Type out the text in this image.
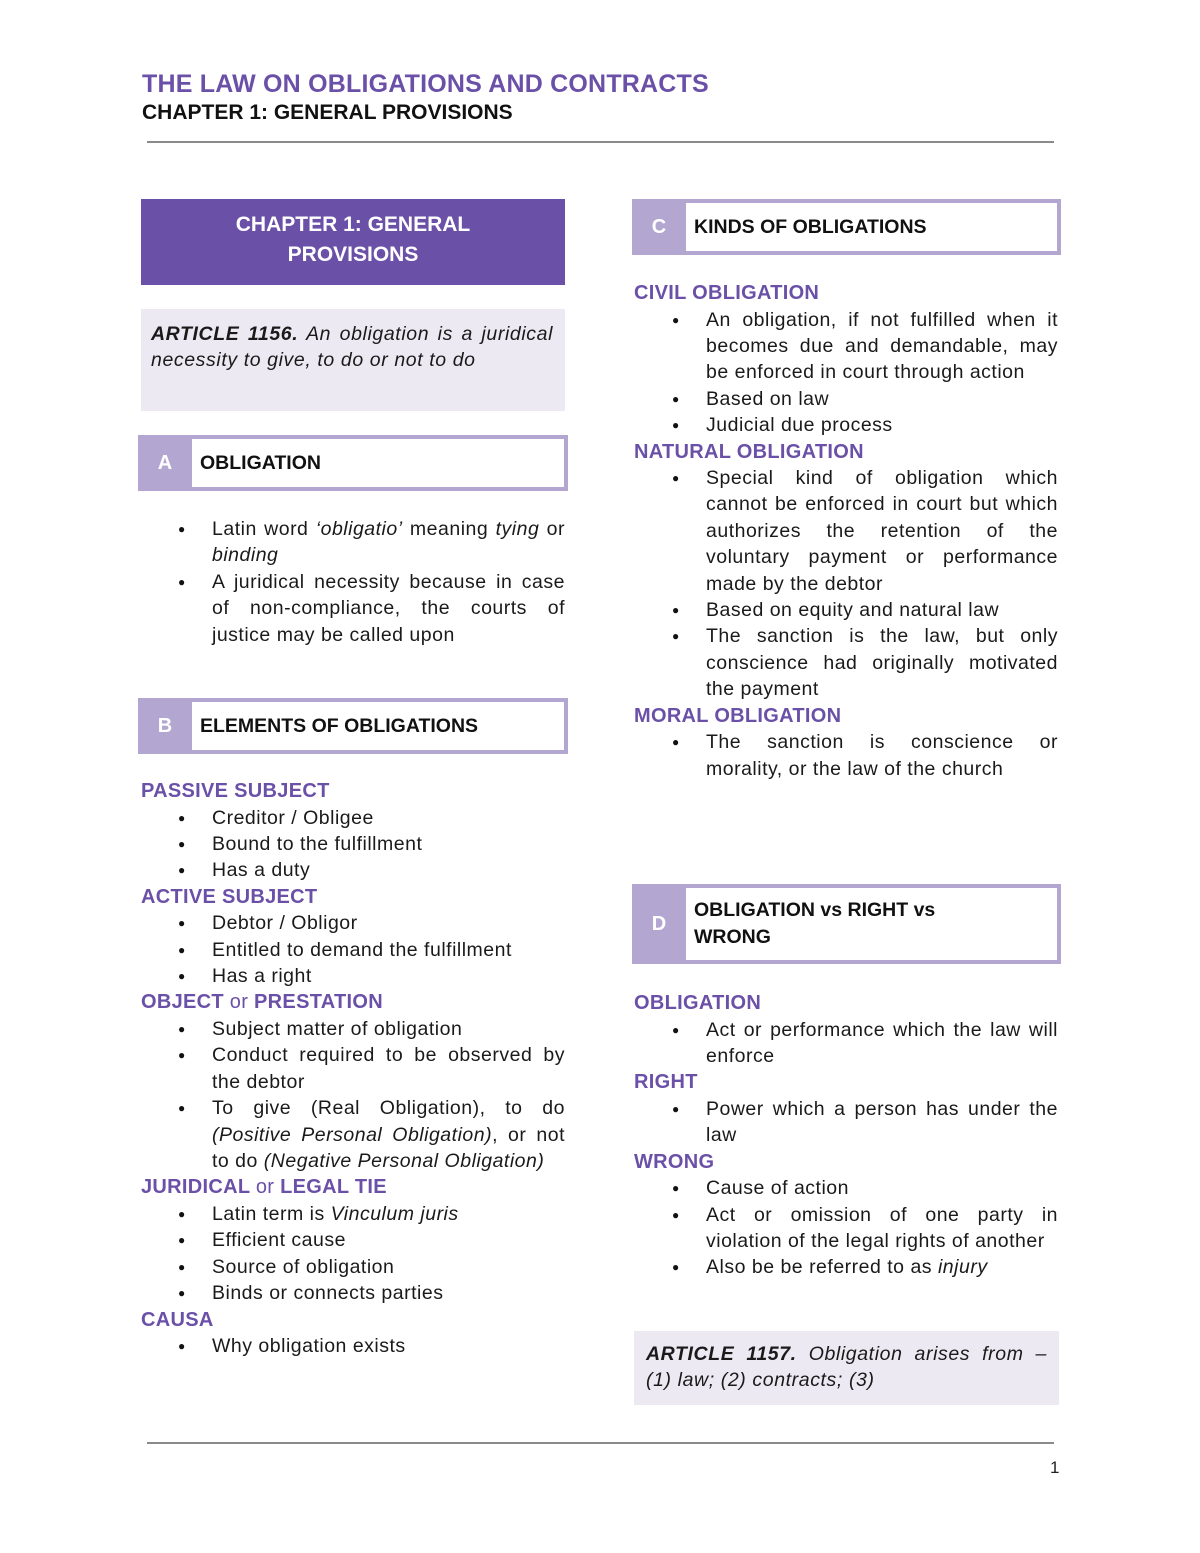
THE LAW ON OBLIGATIONS AND CONTRACTS
CHAPTER 1: GENERAL PROVISIONS
CHAPTER 1: GENERAL
PROVISIONS
ARTICLE 1156. An obligation is a juridical necessity to give, to do or not to do
A	OBLIGATION
● Latin word ‘obligatio’ meaning tying or binding
● A juridical necessity because in case of non-compliance, the courts of justice may be called upon
B	ELEMENTS OF OBLIGATIONS
PASSIVE SUBJECT
● Creditor / Obligee
● Bound to the fulfillment
● Has a duty
ACTIVE SUBJECT
● Debtor / Obligor
● Entitled to demand the fulfillment
● Has a right
OBJECT or PRESTATION
● Subject matter of obligation
● Conduct required to be observed by the debtor
● To give (Real Obligation), to do (Positive Personal Obligation), or not to do (Negative Personal Obligation)
JURIDICAL or LEGAL TIE
● Latin term is Vinculum juris
● Efficient cause
● Source of obligation
● Binds or connects parties
CAUSA
● Why obligation exists
C	KINDS OF OBLIGATIONS
CIVIL OBLIGATION
● An obligation, if not fulfilled when it becomes due and demandable, may be enforced in court through action
● Based on law
● Judicial due process
NATURAL OBLIGATION
● Special kind of obligation which cannot be enforced in court but which authorizes the retention of the voluntary payment or performance made by the debtor
● Based on equity and natural law
● The sanction is the law, but only conscience had originally motivated the payment
MORAL OBLIGATION
● The sanction is conscience or morality, or the law of the church
D
OBLIGATION vs RIGHT vs
WRONG
OBLIGATION
● Act or performance which the law will enforce
RIGHT
● Power which a person has under the law
WRONG
● Cause of action
● Act or omission of one party in violation of the legal rights of another
● Also be be referred to as injury
ARTICLE 1157. Obligation arises from – (1) law; (2) contracts; (3)
1
